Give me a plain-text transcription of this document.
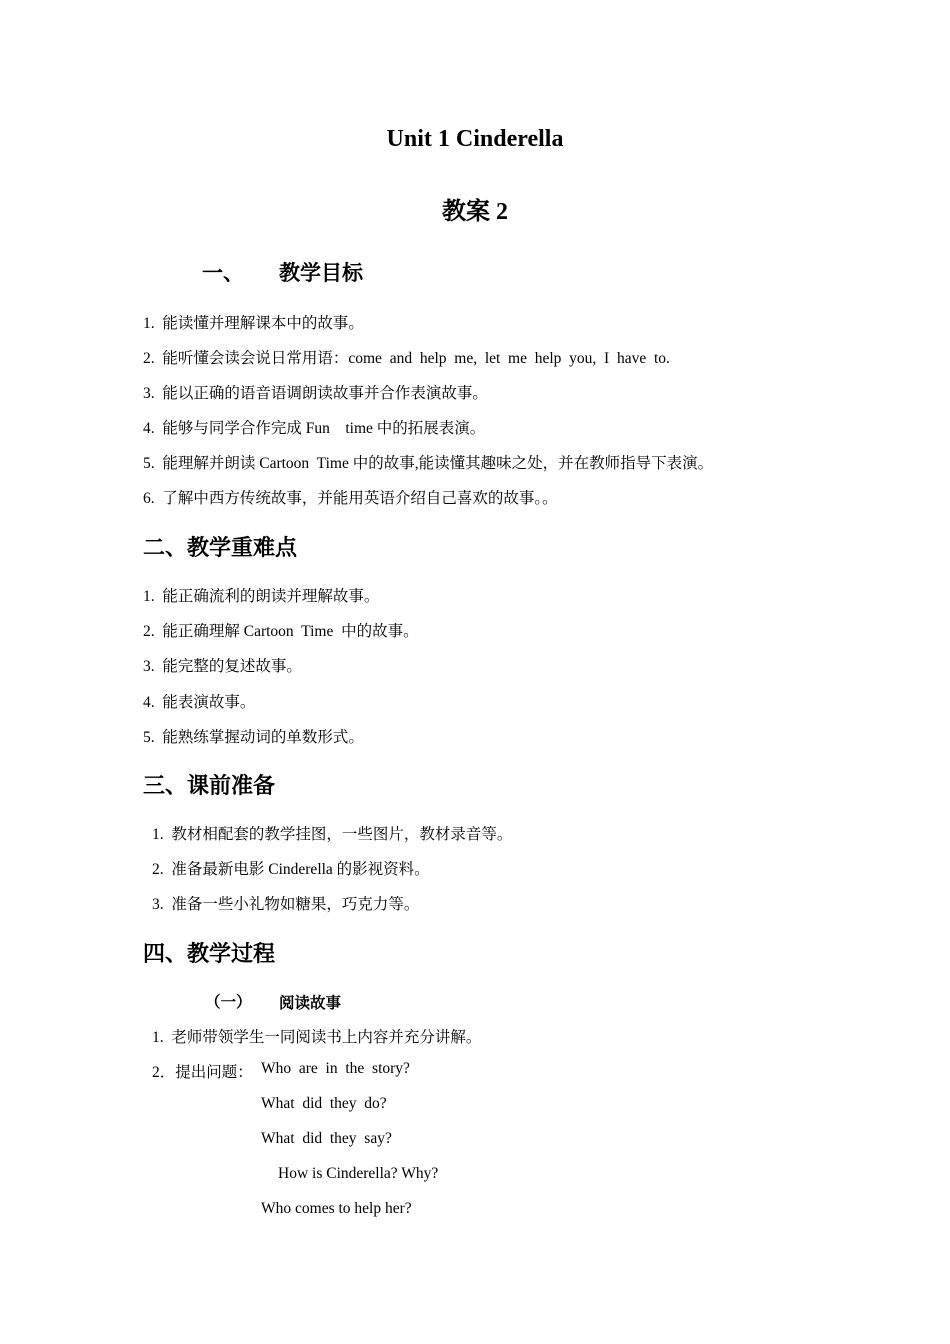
Unit 1 Cinderella
教案 2
一、 教学目标
1.  能读懂并理解课本中的故事。
2.  能听懂会读会说日常用语：come  and  help  me,  let  me  help  you,  I  have  to.
3.  能以正确的语音语调朗读故事并合作表演故事。
4.  能够与同学合作完成 Fun    time 中的拓展表演。
5.  能理解并朗读 Cartoon  Time 中的故事,能读懂其趣味之处，并在教师指导下表演。
6.  了解中西方传统故事，并能用英语介绍自己喜欢的故事。。
二、教学重难点
1.  能正确流利的朗读并理解故事。
2.  能正确理解 Cartoon  Time  中的故事。
3.  能完整的复述故事。
4.  能表演故事。
5.  能熟练掌握动词的单数形式。
三、课前准备
1.  教材相配套的教学挂图，一些图片，教材录音等。
2.  准备最新电影 Cinderella 的影视资料。
3.  准备一些小礼物如糖果，巧克力等。
四、教学过程
（一） 阅读故事
1.  老师带领学生一同阅读书上内容并充分讲解。
2．提出问题： Who  are  in  the  story?
What  did  they  do?
What  did  they  say?
How is Cinderella? Why?
Who comes to help her?
